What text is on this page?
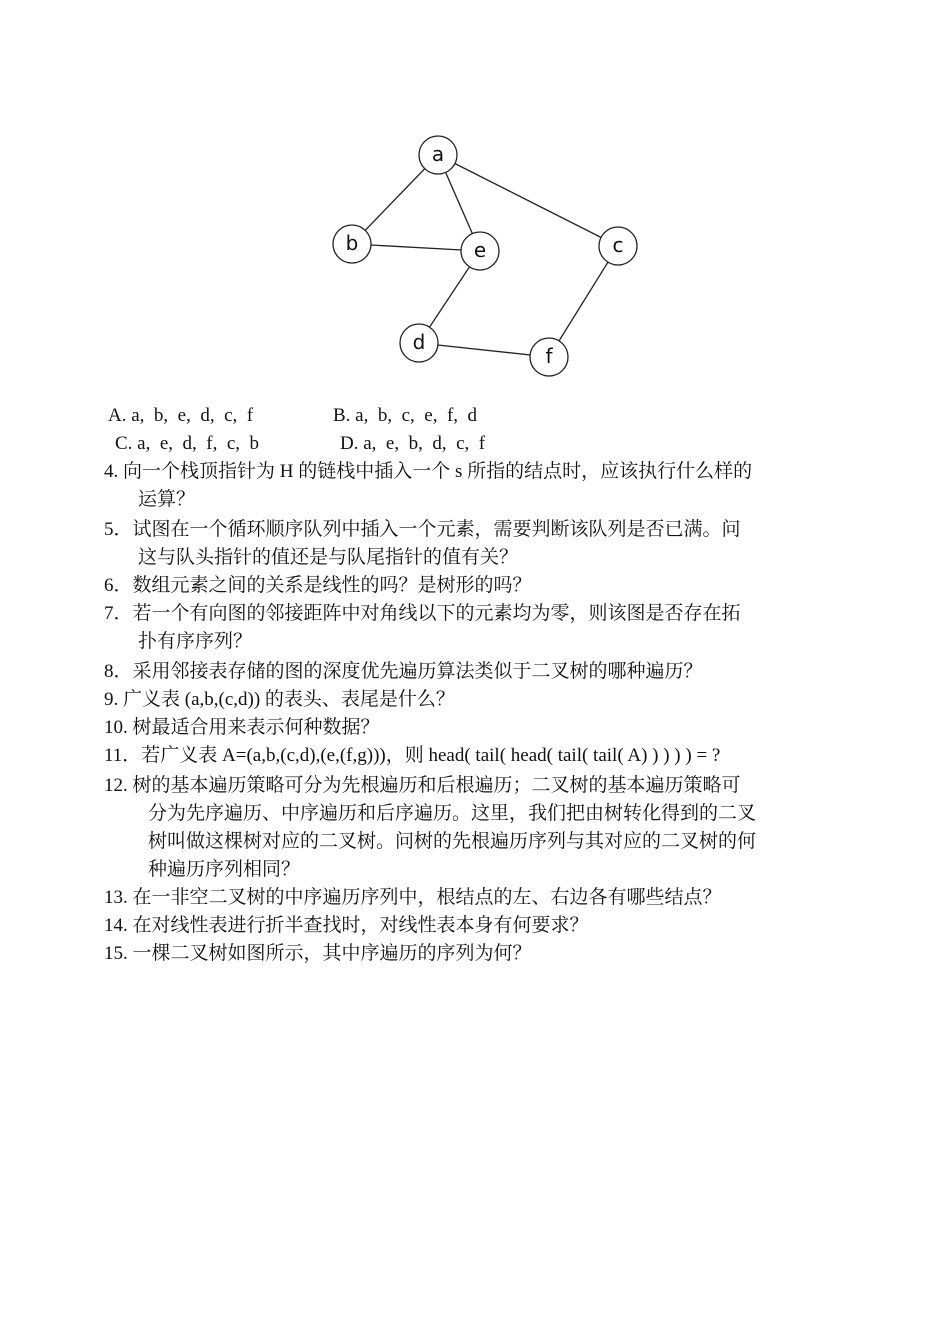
a
b	e	c
d
f
A. a,  b,  e,  d,  c,  f	B. a,  b,  c,  e,  f,  d
C. a,  e,  d,  f,  c,  b	D. a,  e,  b,  d,  c,  f
4. 向一个栈顶指针为 H 的链栈中插入一个 s 所指的结点时，应该执行什么样的
运算？
5．试图在一个循环顺序队列中插入一个元素，需要判断该队列是否已满。问
这与队头指针的值还是与队尾指针的值有关？
6．数组元素之间的关系是线性的吗？是树形的吗？
7．若一个有向图的邻接距阵中对角线以下的元素均为零，则该图是否存在拓
扑有序序列？
8．采用邻接表存储的图的深度优先遍历算法类似于二叉树的哪种遍历？
9. 广义表 (a,b,(c,d)) 的表头、表尾是什么？
10. 树最适合用来表示何种数据？
11．若广义表 A=(a,b,(c,d),(e,(f,g)))，则 head( tail( head( tail( tail( A) ) ) ) ) = ?
12. 树的基本遍历策略可分为先根遍历和后根遍历；二叉树的基本遍历策略可
分为先序遍历、中序遍历和后序遍历。这里，我们把由树转化得到的二叉
树叫做这棵树对应的二叉树。问树的先根遍历序列与其对应的二叉树的何
种遍历序列相同？
13. 在一非空二叉树的中序遍历序列中，根结点的左、右边各有哪些结点？
14. 在对线性表进行折半查找时，对线性表本身有何要求？
15. 一棵二叉树如图所示，其中序遍历的序列为何？
